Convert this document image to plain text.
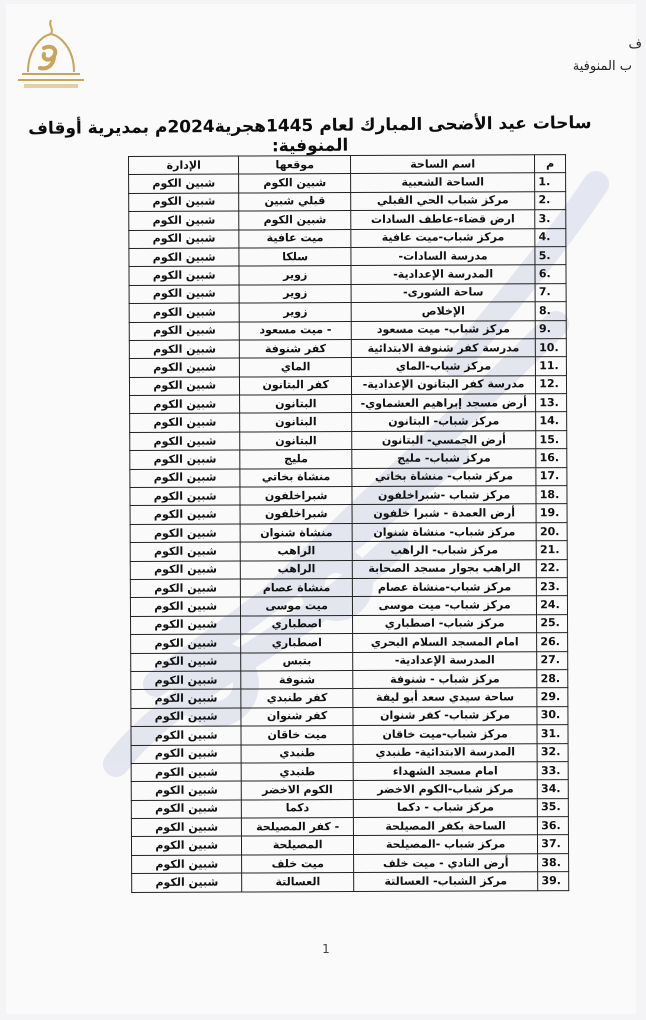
ف
ب المنوفية
ساحات عيد الأضحى المبارك لعام 1445هجرية2024م بمديرية أوقاف المنوفية:
م	اسم الساحة	موقعها	الإدارة
1.	الساحة الشعبية	شبين الكوم	شبين الكوم
2.	مركز شباب الحي القبلي	قبلي شبين	شبين الكوم
3.	ارض قضاء-عاطف السادات	شبين الكوم	شبين الكوم
4.	مركز شباب-ميت عافية	ميت عافية	شبين الكوم
5.	مدرسة السادات-	سلكا	شبين الكوم
6.	المدرسة الإعدادية-	زوير	شبين الكوم
7.	ساحة الشورى-	زوير	شبين الكوم
8.	الإخلاص	زوير	شبين الكوم
9.	مركز شباب- ميت مسعود	- ميت مسعود	شبين الكوم
10.	مدرسة كفر شنوفة الابتدائية	كفر شنوفة	شبين الكوم
11.	مركز شباب-الماي	الماي	شبين الكوم
12.	مدرسة كفر البتانون الإعدادية-	كفر البتانون	شبين الكوم
13.	أرض مسجد إبراهيم العشماوي-	البتانون	شبين الكوم
14.	مركز شباب- البتانون	البتانون	شبين الكوم
15.	أرض الجمسي- البتانون	البتانون	شبين الكوم
16.	مركز شباب- مليج	مليج	شبين الكوم
17.	مركز شباب- منشاة بخاتي	منشاة بخاتي	شبين الكوم
18.	مركز شباب -شبراخلفون	شبراخلفون	شبين الكوم
19.	أرض العمدة - شبرا خلفون	شبراخلفون	شبين الكوم
20.	مركز شباب- منشاة شنوان	منشاة شنوان	شبين الكوم
21.	مركز شباب- الراهب	الراهب	شبين الكوم
22.	الراهب بجوار مسجد الصحابة	الراهب	شبين الكوم
23.	مركز شباب-منشاة عصام	منشاة عصام	شبين الكوم
24.	مركز شباب- ميت موسى	ميت موسى	شبين الكوم
25.	مركز شباب- اصطباري	اصطباري	شبين الكوم
26.	امام المسجد السلام البحري	اصطباري	شبين الكوم
27.	المدرسة الإعدادية-	بتبس	شبين الكوم
28.	مركز شباب - شنوفة	شنوفة	شبين الكوم
29.	ساحة سيدي سعد أبو ليفة	كفر طنبدي	شبين الكوم
30.	مركز شباب- كفر شنوان	كفر شنوان	شبين الكوم
31.	مركز شباب-ميت خاقان	ميت خاقان	شبين الكوم
32.	المدرسة الابتدائية- طنبدي	طنبدي	شبين الكوم
33.	امام مسجد الشهداء	طنبدي	شبين الكوم
34.	مركز شباب-الكوم الاخضر	الكوم الاخضر	شبين الكوم
35.	مركز شباب - دكما	دكما	شبين الكوم
36.	الساحة بكفر المصيلحة	- كفر المصيلحة	شبين الكوم
37.	مركز شباب -المصيلحة	المصيلحة	شبين الكوم
38.	أرض النادي - ميت خلف	ميت خلف	شبين الكوم
39.	مركز الشباب- العسالتة	العسالتة	شبين الكوم
1
